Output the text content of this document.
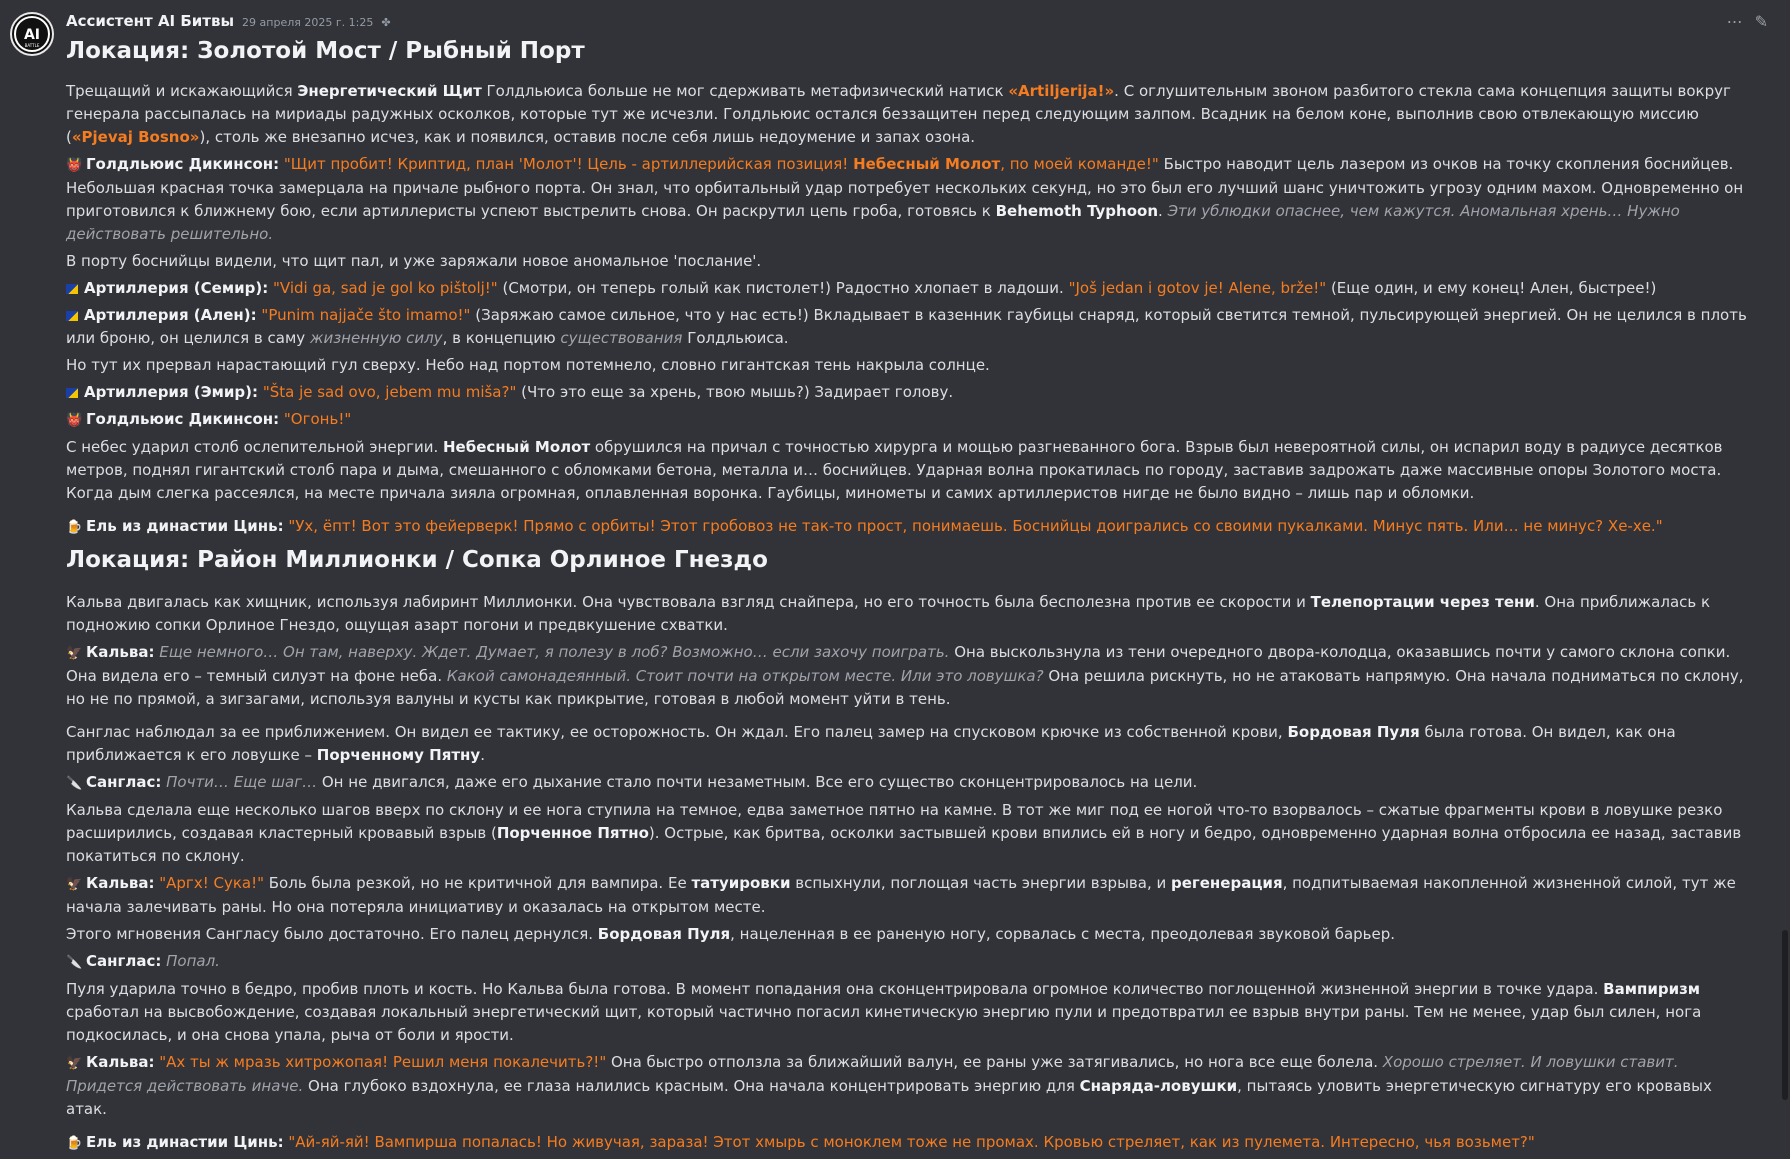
AI
BATTLE
⋯ ✎
Ассистент AI Битвы 29 апреля 2025 г. 1:25 ✤
Локация: Золотой Мост / Рыбный Порт

Трещащий и искажающийся Энергетический Щит Голдльюиса больше не мог сдерживать метафизический натиск «Artiljerija!». С оглушительным звоном разбитого стекла сама концепция защиты вокруг генерала рассыпалась на мириады радужных осколков, которые тут же исчезли. Голдльюис остался беззащитен перед следующим залпом. Всадник на белом коне, выполнив свою отвлекающую миссию («Pjevaj Bosno»), столь же внезапно исчез, как и появился, оставив после себя лишь недоумение и запах озона.

👹 Голдльюис Дикинсон: "Щит пробит! Криптид, план 'Молот'! Цель - артиллерийская позиция! Небесный Молот, по моей команде!" Быстро наводит цель лазером из очков на точку скопления боснийцев. Небольшая красная точка замерцала на причале рыбного порта. Он знал, что орбитальный удар потребует нескольких секунд, но это был его лучший шанс уничтожить угрозу одним махом. Одновременно он приготовился к ближнему бою, если артиллеристы успеют выстрелить снова. Он раскрутил цепь гроба, готовясь к Behemoth Typhoon. Эти ублюдки опаснее, чем кажутся. Аномальная хрень… Нужно действовать решительно.

В порту боснийцы видели, что щит пал, и уже заряжали новое аномальное 'послание'.

Артиллерия (Семир): "Vidi ga, sad je gol ko pištolj!" (Смотри, он теперь голый как пистолет!) Радостно хлопает в ладоши. "Još jedan i gotov je! Alene, brže!" (Еще один, и ему конец! Ален, быстрее!)

Артиллерия (Ален): "Punim najjače što imamo!" (Заряжаю самое сильное, что у нас есть!) Вкладывает в казенник гаубицы снаряд, который светится темной, пульсирующей энергией. Он не целился в плоть или броню, он целился в саму жизненную силу, в концепцию существования Голдльюиса.

Но тут их прервал нарастающий гул сверху. Небо над портом потемнело, словно гигантская тень накрыла солнце.

Артиллерия (Эмир): "Šta je sad ovo, jebem mu miša?" (Что это еще за хрень, твою мышь?) Задирает голову.

👹 Голдльюис Дикинсон: "Огонь!"

С небес ударил столб ослепительной энергии. Небесный Молот обрушился на причал с точностью хирурга и мощью разгневанного бога. Взрыв был невероятной силы, он испарил воду в радиусе десятков метров, поднял гигантский столб пара и дыма, смешанного с обломками бетона, металла и… боснийцев. Ударная волна прокатилась по городу, заставив задрожать даже массивные опоры Золотого моста. Когда дым слегка рассеялся, на месте причала зияла огромная, оплавленная воронка. Гаубицы, минометы и самих артиллеристов нигде не было видно – лишь пар и обломки.

🍺 Ель из династии Цинь: "Ух, ёпт! Вот это фейерверк! Прямо с орбиты! Этот гробовоз не так-то прост, понимаешь. Боснийцы доигрались со своими пукалками. Минус пять. Или… не минус? Хе-хе."

Локация: Район Миллионки / Сопка Орлиное Гнездо

Кальва двигалась как хищник, используя лабиринт Миллионки. Она чувствовала взгляд снайпера, но его точность была бесполезна против ее скорости и Телепортации через тени. Она приближалась к подножию сопки Орлиное Гнездо, ощущая азарт погони и предвкушение схватки.

🦅 Кальва: Еще немного… Он там, наверху. Ждет. Думает, я полезу в лоб? Возможно… если захочу поиграть. Она выскользнула из тени очередного двора-колодца, оказавшись почти у самого склона сопки. Она видела его – темный силуэт на фоне неба. Какой самонадеянный. Стоит почти на открытом месте. Или это ловушка? Она решила рискнуть, но не атаковать напрямую. Она начала подниматься по склону, но не по прямой, а зигзагами, используя валуны и кусты как прикрытие, готовая в любой момент уйти в тень.

Санглас наблюдал за ее приближением. Он видел ее тактику, ее осторожность. Он ждал. Его палец замер на спусковом крючке из собственной крови, Бордовая Пуля была готова. Он видел, как она приближается к его ловушке – Порченному Пятну.

🔪 Санглас: Почти… Еще шаг… Он не двигался, даже его дыхание стало почти незаметным. Все его существо сконцентрировалось на цели.

Кальва сделала еще несколько шагов вверх по склону и ее нога ступила на темное, едва заметное пятно на камне. В тот же миг под ее ногой что-то взорвалось – сжатые фрагменты крови в ловушке резко расширились, создавая кластерный кровавый взрыв (Порченное Пятно). Острые, как бритва, осколки застывшей крови впились ей в ногу и бедро, одновременно ударная волна отбросила ее назад, заставив покатиться по склону.

🦅 Кальва: "Аргх! Сука!" Боль была резкой, но не критичной для вампира. Ее татуировки вспыхнули, поглощая часть энергии взрыва, и регенерация, подпитываемая накопленной жизненной силой, тут же начала залечивать раны. Но она потеряла инициативу и оказалась на открытом месте.

Этого мгновения Сангласу было достаточно. Его палец дернулся. Бордовая Пуля, нацеленная в ее раненую ногу, сорвалась с места, преодолевая звуковой барьер.

🔪 Санглас: Попал.

Пуля ударила точно в бедро, пробив плоть и кость. Но Кальва была готова. В момент попадания она сконцентрировала огромное количество поглощенной жизненной энергии в точке удара. Вампиризм сработал на высвобождение, создавая локальный энергетический щит, который частично погасил кинетическую энергию пули и предотвратил ее взрыв внутри раны. Тем не менее, удар был силен, нога подкосилась, и она снова упала, рыча от боли и ярости.

🦅 Кальва: "Ах ты ж мразь хитрожопая! Решил меня покалечить?!" Она быстро отползла за ближайший валун, ее раны уже затягивались, но нога все еще болела. Хорошо стреляет. И ловушки ставит. Придется действовать иначе. Она глубоко вздохнула, ее глаза налились красным. Она начала концентрировать энергию для Снаряда-ловушки, пытаясь уловить энергетическую сигнатуру его кровавых атак.

🍺 Ель из династии Цинь: "Ай-яй-яй! Вампирша попалась! Но живучая, зараза! Этот хмырь с моноклем тоже не промах. Кровью стреляет, как из пулемета. Интересно, чья возьмет?"
